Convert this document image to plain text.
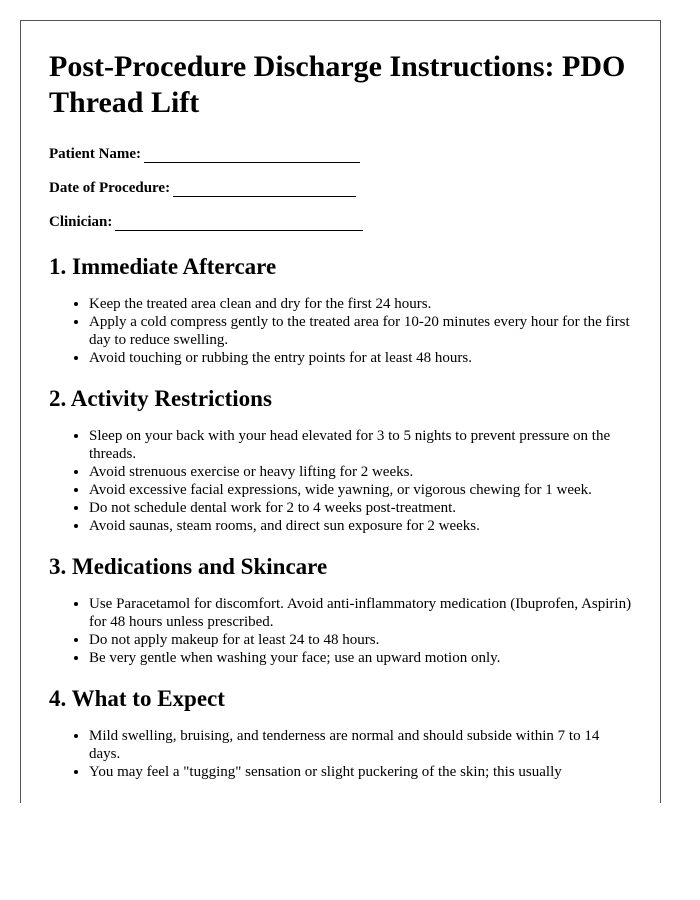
Post-Procedure Discharge Instructions: PDO Thread Lift
Patient Name:
Date of Procedure:
Clinician:
1. Immediate Aftercare
• Keep the treated area clean and dry for the first 24 hours.
• Apply a cold compress gently to the treated area for 10-20 minutes every hour for the first day to reduce swelling.
• Avoid touching or rubbing the entry points for at least 48 hours.
2. Activity Restrictions
• Sleep on your back with your head elevated for 3 to 5 nights to prevent pressure on the threads.
• Avoid strenuous exercise or heavy lifting for 2 weeks.
• Avoid excessive facial expressions, wide yawning, or vigorous chewing for 1 week.
• Do not schedule dental work for 2 to 4 weeks post-treatment.
• Avoid saunas, steam rooms, and direct sun exposure for 2 weeks.
3. Medications and Skincare
• Use Paracetamol for discomfort. Avoid anti-inflammatory medication (Ibuprofen, Aspirin) for 48 hours unless prescribed.
• Do not apply makeup for at least 24 to 48 hours.
• Be very gentle when washing your face; use an upward motion only.
4. What to Expect
• Mild swelling, bruising, and tenderness are normal and should subside within 7 to 14 days.
• You may feel a "tugging" sensation or slight puckering of the skin; this usually
